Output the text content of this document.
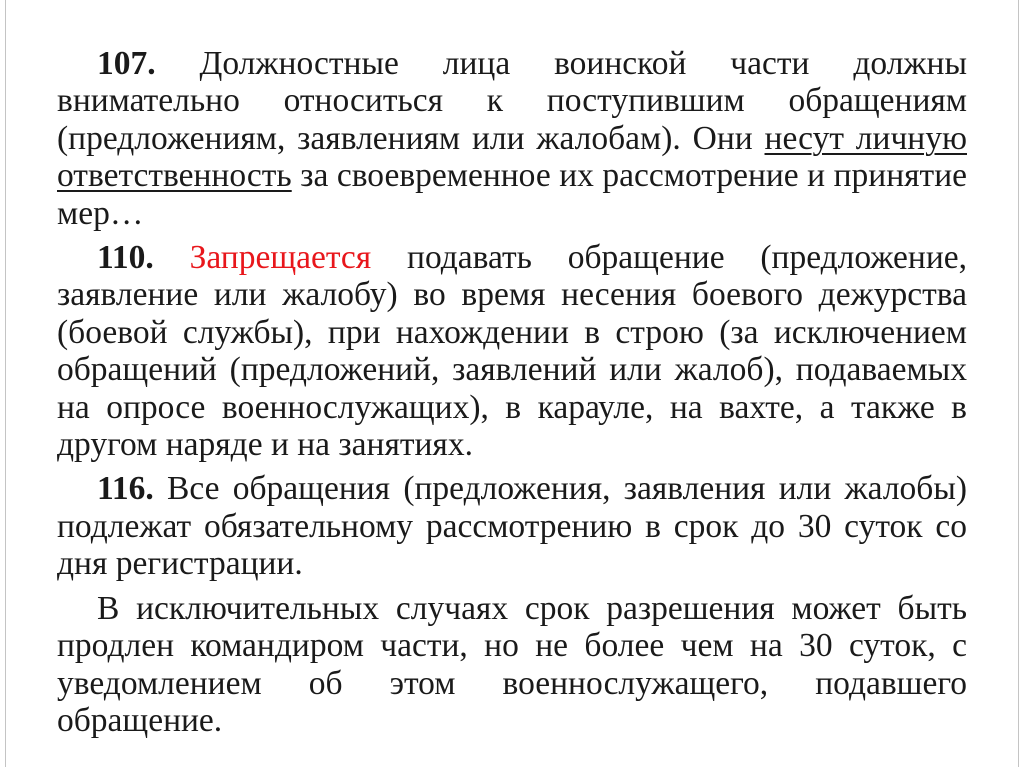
107. Должностные лица воинской части должны внимательно относиться к поступившим обращениям (предложениям, заявлениям или жалобам). Они несут личную ответственность за своевременное их рассмотрение и принятие мер…

110. Запрещается подавать обращение (предложение, заявление или жалобу) во время несения боевого дежурства (боевой службы), при нахождении в строю (за исключением обращений (предложений, заявлений или жалоб), подаваемых на опросе военнослужащих), в карауле, на вахте, а также в другом наряде и на занятиях.

116. Все обращения (предложения, заявления или жалобы) подлежат обязательному рассмотрению в срок до 30 суток со дня регистрации.

В исключительных случаях срок разрешения может быть продлен командиром части, но не более чем на 30 суток, с уведомлением об этом военнослужащего, подавшего обращение.
